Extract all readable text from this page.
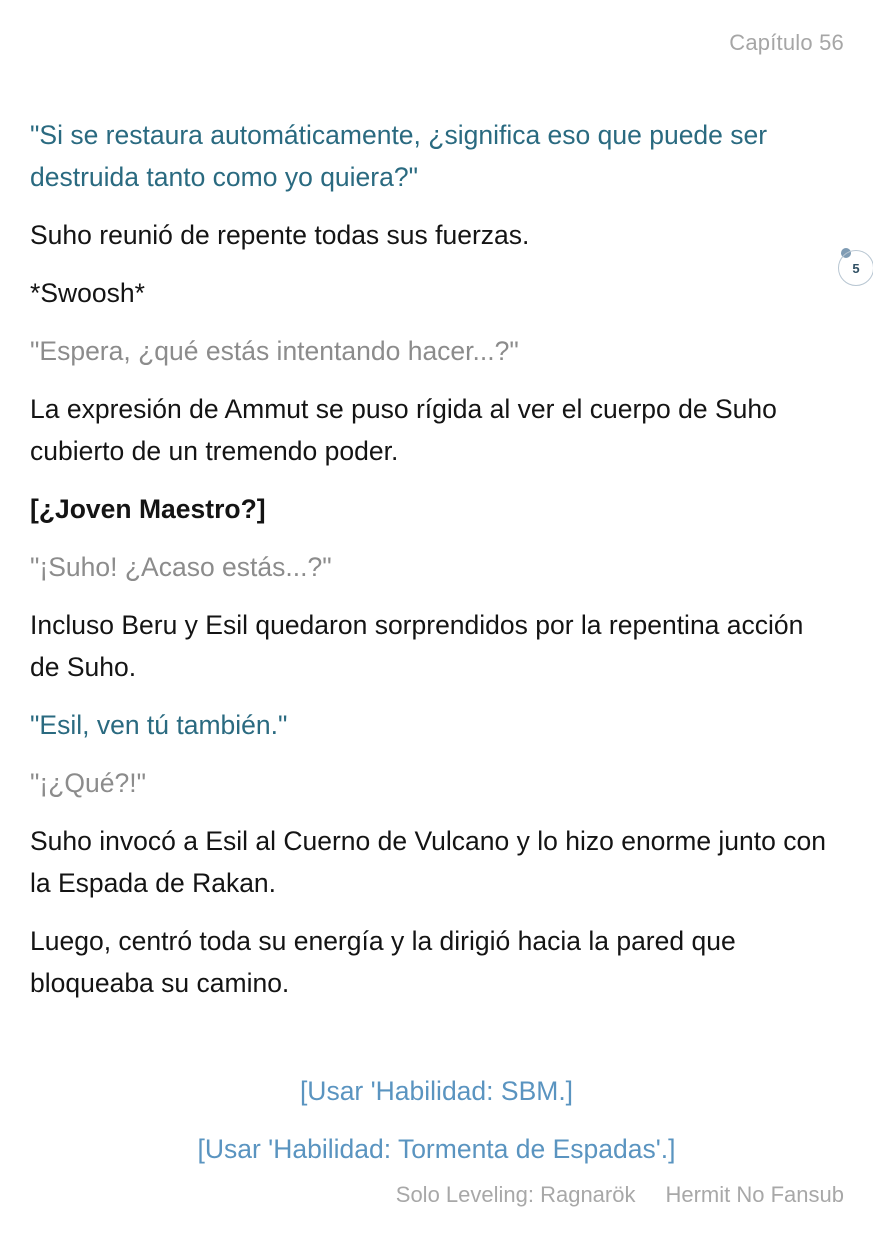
Capítulo 56
5

"Si se restaura automáticamente, ¿significa eso que puede ser destruida tanto como yo quiera?"

Suho reunió de repente todas sus fuerzas.

*Swoosh*

"Espera, ¿qué estás intentando hacer...?"

La expresión de Ammut se puso rígida al ver el cuerpo de Suho cubierto de un tremendo poder.

[¿Joven Maestro?]

"¡Suho! ¿Acaso estás...?"

Incluso Beru y Esil quedaron sorprendidos por la repentina acción de Suho.

"Esil, ven tú también."

"¡¿Qué?!"

Suho invocó a Esil al Cuerno de Vulcano y lo hizo enorme junto con la Espada de Rakan.

Luego, centró toda su energía y la dirigió hacia la pared que bloqueaba su camino.

[Usar 'Habilidad: SBM.]
[Usar 'Habilidad: Tormenta de Espadas'.]
Solo Leveling: Ragnarök Hermit No Fansub
